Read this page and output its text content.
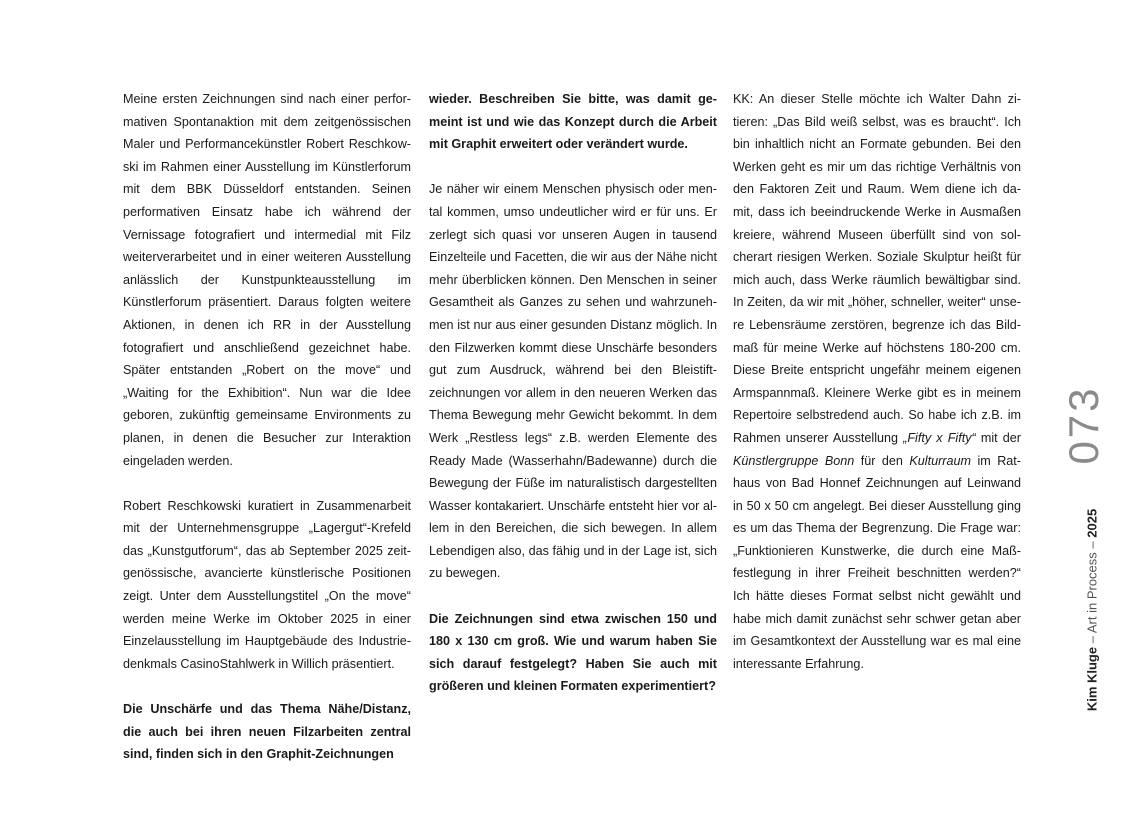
Meine ersten Zeichnungen sind nach einer performativen Spontanaktion mit dem zeitgenössischen Maler und Performancekünstler Robert Reschkowski im Rahmen einer Ausstellung im Künstlerforum mit dem BBK Düsseldorf entstanden. Seinen performativen Einsatz habe ich während der Vernissage fotografiert und intermedial mit Filz weiterverarbeitet und in einer weiteren Ausstellung anlässlich der Kunstpunkteausstellung im Künstlerforum präsentiert. Daraus folgten weitere Aktionen, in denen ich RR in der Ausstellung fotografiert und anschließend gezeichnet habe. Später entstanden „Robert on the move“ und „Waiting for the Exhibition“. Nun war die Idee geboren, zukünftig gemeinsame Environments zu planen, in denen die Besucher zur Interaktion eingeladen werden.

Robert Reschkowski kuratiert in Zusammenarbeit mit der Unternehmensgruppe „Lagergut“-Krefeld das „Kunstgutforum“, das ab September 2025 zeitgenössische, avancierte künstlerische Positionen zeigt. Unter dem Ausstellungstitel „On the move“ werden meine Werke im Oktober 2025 in einer Einzelausstellung im Hauptgebäude des Industriedenkmals CasinoStahlwerk in Willich präsentiert.

Die Unschärfe und das Thema Nähe/Distanz, die auch bei ihren neuen Filzarbeiten zentral sind, finden sich in den Graphit-Zeichnungen

wieder. Beschreiben Sie bitte, was damit gemeint ist und wie das Konzept durch die Arbeit mit Graphit erweitert oder verändert wurde.

Je näher wir einem Menschen physisch oder mental kommen, umso undeutlicher wird er für uns. Er zerlegt sich quasi vor unseren Augen in tausend Einzelteile und Facetten, die wir aus der Nähe nicht mehr überblicken können. Den Menschen in seiner Gesamtheit als Ganzes zu sehen und wahrzunehmen ist nur aus einer gesunden Distanz möglich. In den Filzwerken kommt diese Unschärfe besonders gut zum Ausdruck, während bei den Bleistiftzeichnungen vor allem in den neueren Werken das Thema Bewegung mehr Gewicht bekommt. In dem Werk „Restless legs“ z.B. werden Elemente des Ready Made (Wasserhahn/Badewanne) durch die Bewegung der Füße im naturalistisch dargestellten Wasser kontakariert. Unschärfe entsteht hier vor allem in den Bereichen, die sich bewegen. In allem Lebendigen also, das fähig und in der Lage ist, sich zu bewegen.

Die Zeichnungen sind etwa zwischen 150 und 180 x 130 cm groß. Wie und warum haben Sie sich darauf festgelegt? Haben Sie auch mit größeren und kleinen Formaten experimentiert?

KK: An dieser Stelle möchte ich Walter Dahn zitieren: „Das Bild weiß selbst, was es braucht“. Ich bin inhaltlich nicht an Formate gebunden. Bei den Werken geht es mir um das richtige Verhältnis von den Faktoren Zeit und Raum. Wem diene ich damit, dass ich beeindruckende Werke in Ausmaßen kreiere, während Museen überfüllt sind von solcherart riesigen Werken. Soziale Skulptur heißt für mich auch, dass Werke räumlich bewältigbar sind. In Zeiten, da wir mit „höher, schneller, weiter“ unsere Lebensräume zerstören, begrenze ich das Bildmaß für meine Werke auf höchstens 180-200 cm. Diese Breite entspricht ungefähr meinem eigenen Armspannmaß. Kleinere Werke gibt es in meinem Repertoire selbstredend auch. So habe ich z.B. im Rahmen unserer Ausstellung „Fifty x Fifty“ mit der Künstlergruppe Bonn für den Kulturraum im Rathaus von Bad Honnef Zeichnungen auf Leinwand in 50 x 50 cm angelegt. Bei dieser Ausstellung ging es um das Thema der Begrenzung. Die Frage war: „Funktionieren Kunstwerke, die durch eine Maßfestlegung in ihrer Freiheit beschnitten werden?“ Ich hätte dieses Format selbst nicht gewählt und habe mich damit zunächst sehr schwer getan aber im Gesamtkontext der Ausstellung war es mal eine interessante Erfahrung.

073
Kim Kluge – Art in Process – 2025
